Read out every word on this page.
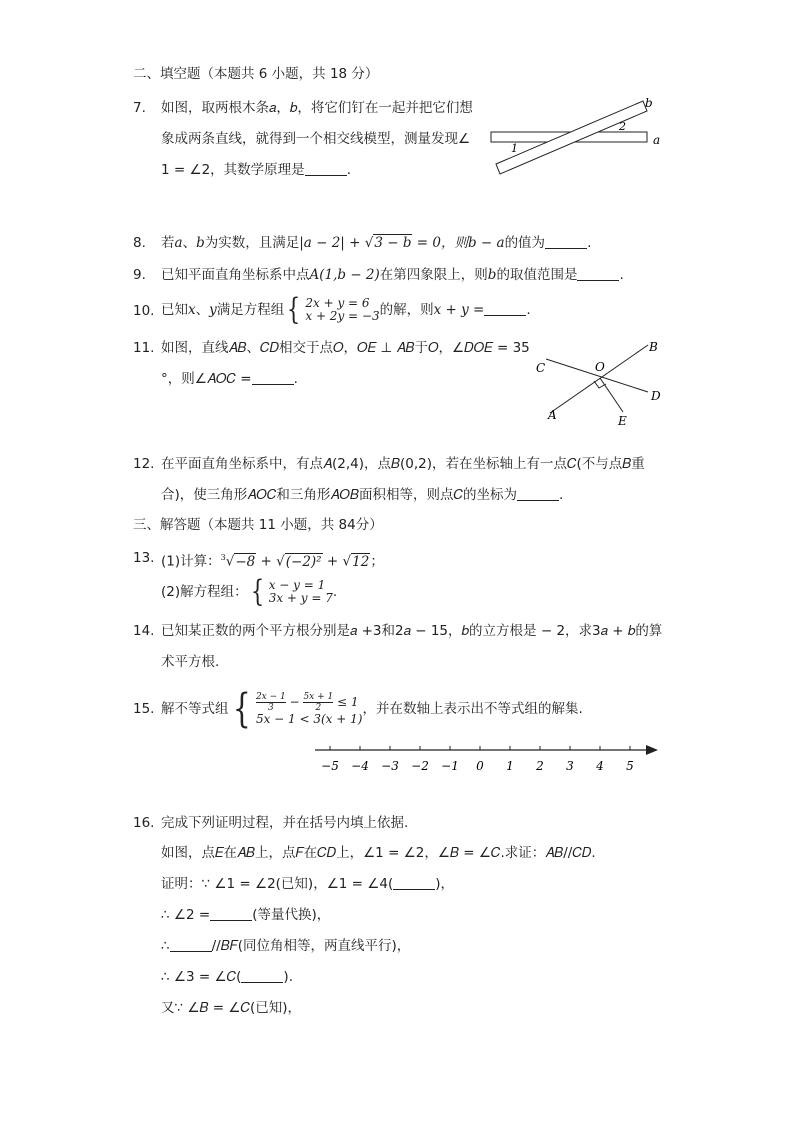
二、填空题（本题共 6 小题，共 18 分）
7. 如图，取两根木条𝑎，𝑏，将它们钉在一起并把它们想
象成两条直线，就得到一个相交线模型，测量发现∠
1 = ∠2，其数学原理是	.
a
b
1
2
8. 若𝑎、𝑏为实数，且满足|𝑎 − 2| + √3 − 𝑏 = 0，则𝑏 − 𝑎的值为	.
9. 已知平面直角坐标系中点𝐴(1,𝑏 − 2)在第四象限上，则𝑏的取值范围是	.
10. 已知𝑥、𝑦满足方程组 { 2𝑥 + 𝑦 = 6
𝑥 + 2𝑦 = −3 的解，则𝑥 + 𝑦 =	.
11. 如图，直线𝐴𝐵、𝐶𝐷相交于点𝑂，𝑂𝐸 ⊥ 𝐴𝐵于𝑂，∠𝐷𝑂𝐸 = 35
°，则∠𝐴𝑂𝐶 =	.
B
D
C
A	E
O
12. 在平面直角坐标系中，有点𝐴(2,4)，点𝐵(0,2)，若在坐标轴上有一点𝐶(不与点𝐵重
合)，使三角形𝐴𝑂𝐶和三角形𝐴𝑂𝐵面积相等，则点𝐶的坐标为	.
三、解答题（本题共 11 小题，共 84分）
13. (1)计算：$^3$√−8 + √(−2)² + √12；
(2)解方程组： { 𝑥 − 𝑦 = 1
3𝑥 + 𝑦 = 7 .
14. 已知某正数的两个平方根分别是𝑎 +3和2𝑎 − 15，𝑏的立方根是 − 2，求3𝑎 + 𝑏的算
术平方根.
15. 解不等式组 { $\frac{\text{2𝑥 − 1}}{3} - \frac{\text{5𝑥 + 1}}{2} \le 1$
5𝑥 − 1 < 3(𝑥 + 1)
，并在数轴上表示出不等式组的解集.
−5 −4 −3 −2 −1 0 1 2 3 4 5
16. 完成下列证明过程，并在括号内填上依据.
如图，点𝐸在𝐴𝐵上，点𝐹在𝐶𝐷上，∠1 = ∠2，∠𝐵 = ∠𝐶.求证：𝐴𝐵//𝐶𝐷.
证明：∵ ∠1 = ∠2(已知)，∠1 = ∠4(	)，
∴ ∠2 =	(等量代换)，
∴	//𝐵𝐹(同位角相等，两直线平行)，
∴ ∠3 = ∠𝐶(	).
又∵ ∠𝐵 = ∠𝐶(已知)，
